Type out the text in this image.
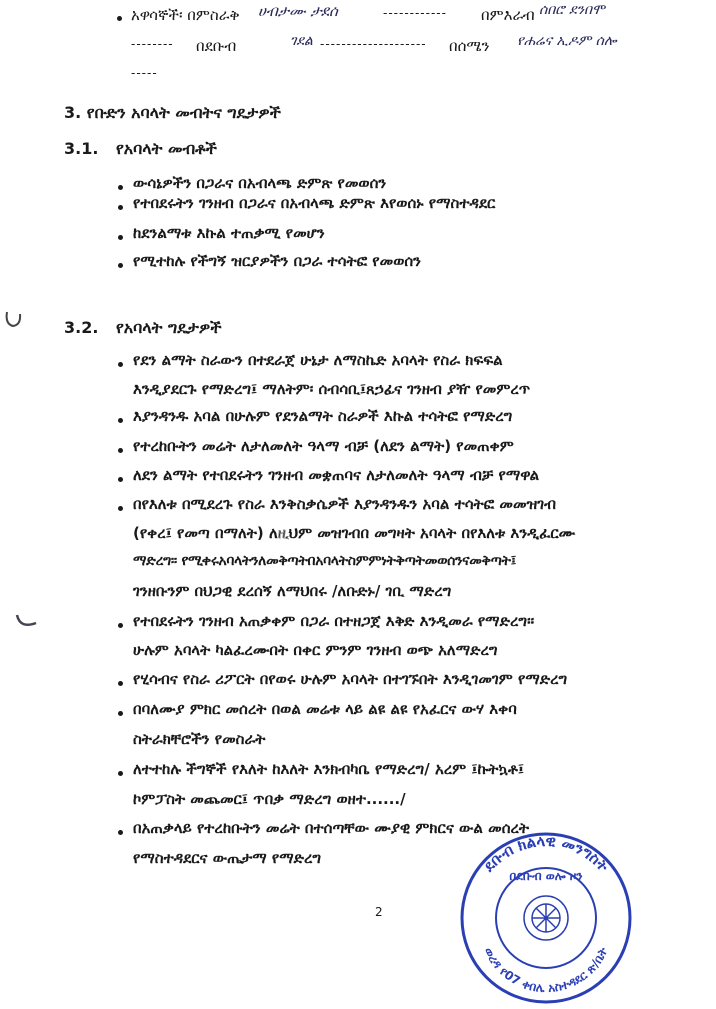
አዋሳኞች፡ በምስራቅ ሀብታሙ ታደሰ	------------ በምእራብ ሰበሮ ደንበሞ
-------- በደቡብ	ገደል -------------------- በሰሜን የሐሬና ኢዶም ሰሎ
-----
3. የቡድን አባላት መብትና ግዴታዎች
3.1. የአባላት መብቶች
ውሳኔዎችን በጋራና በአብላጫ ድምጽ የመወሰን
የተበደሩትን ገንዘብ በጋራና በአብላጫ ድምጽ እየወሰኑ የማስተዳደር
ከደንልማቱ እኩል ተጠቃሚ የመሆን
የሚተከሉ የችግኝ ዝርያዎችን በጋራ ተሳትፎ የመወሰን
3.2. የአባላት ግዴታዎች
የደን ልማት ስራውን በተደራጀ ሁኔታ ለማስኬድ አባላት የስራ ክፍፍል
እንዲያደርጉ የማድረግ፤ ማለትም፡ ሰብሳቢ፤ጸኃፊና ገንዘብ ያዥ የመምረጥ
እያንዳንዱ አባል በሁሉም የደንልማት ስራዎች እኩል ተሳትፎ የማድረግ
የተረከቡትን መሬት ለታለመለት ዓላማ ብቻ (ለደን ልማት) የመጠቀም
ለደን ልማት የተበደሩትን ገንዘብ መቋጠባና ለታለመለት ዓላማ ብቻ የማዋል
በየእለቱ በሚደረጉ የስራ እንቅስቃሴዎች እያንዳንዱን አባል ተሳትፎ መመዝገብ
(የቀረ፤ የመጣ በማለት) ለዚህም መዝገብበ መግዛት አባላት በየእለቱ እንዲፈርሙ
ማድረግ፡፡ የሚቀሩአባላትንለመቅጣትበአባላትስምምነትቅጣትመወሰንናመቅጣት፤
ገንዘቡንም በህጋዊ ደረሰኝ ለማህበሩ /ለቡድኑ/ ገቢ ማድረግ
የተበደሩትን ገንዘብ አጠቃቀም በጋራ በተዘጋጀ እቅድ እንዲመራ የማድረግ፡፡
ሁሉም አባላት ካልፈረሙበት በቀር ምንም ገንዘብ ወጭ አለማድረግ
የሂሳብና የስራ ሪፖርት በየወሩ ሁሉም አባላት በተገኙበት እንዲገመገም የማድረግ
በባለሙያ ምክር መሰረት በወል መሬቱ ላይ ልዩ ልዩ የአፈርና ውሃ እቀባ
ስትራክቸሮችን የመስራት
ለተተከሉ ችግኞች የእለት ከእለት እንክብካቤ የማድረግ/ አረም ፤ኩትኳቶ፤
ኮምፓስት መጨመር፤ ጥበቃ ማድረግ ወዘተ....../
በአጠቃላይ የተረከቡትን መሬት በተሰጣቸው ሙያዊ ምክርና ውል መሰረት
የማስተዳደርና ውጤታማ የማድረግ
2
ደቡብ ክልላዊ መንግስት
በደቡብ ወሎ ዞን
ወረዳ የ07 ቀበሌ አስተዳደር ጽ/ቤት
